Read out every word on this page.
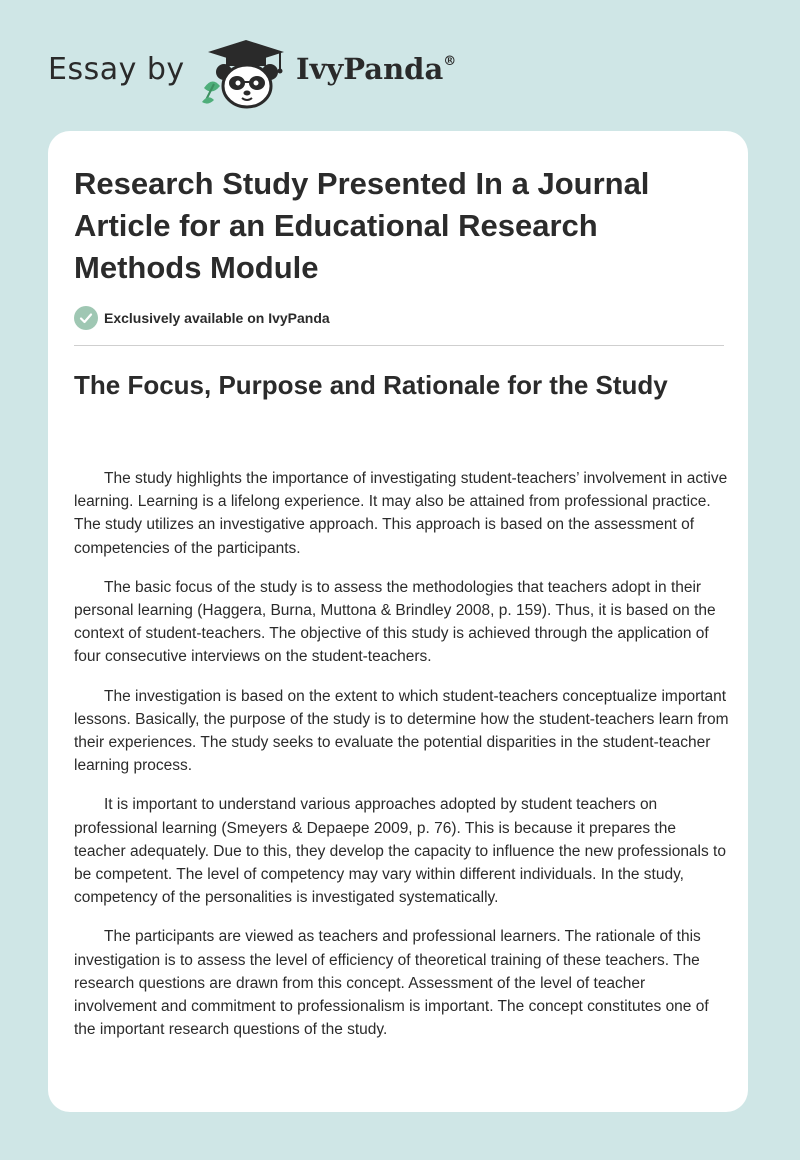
Essay by	IvyPanda®
Research Study Presented In a Journal Article for an Educational Research Methods Module
Exclusively available on IvyPanda
The Focus, Purpose and Rationale for the Study

The study highlights the importance of investigating student-teachers’ involvement in active learning. Learning is a lifelong experience. It may also be attained from professional practice. The study utilizes an investigative approach. This approach is based on the assessment of competencies of the participants.

The basic focus of the study is to assess the methodologies that teachers adopt in their personal learning (Haggera, Burna, Muttona & Brindley 2008, p. 159). Thus, it is based on the context of student-teachers. The objective of this study is achieved through the application of four consecutive interviews on the student-teachers.

The investigation is based on the extent to which student-teachers conceptualize important lessons. Basically, the purpose of the study is to determine how the student-teachers learn from their experiences. The study seeks to evaluate the potential disparities in the student-teacher learning process.

It is important to understand various approaches adopted by student teachers on professional learning (Smeyers & Depaepe 2009, p. 76). This is because it prepares the teacher adequately. Due to this, they develop the capacity to influence the new professionals to be competent. The level of competency may vary within different individuals. In the study, competency of the personalities is investigated systematically.

The participants are viewed as teachers and professional learners. The rationale of this investigation is to assess the level of efficiency of theoretical training of these teachers. The research questions are drawn from this concept. Assessment of the level of teacher involvement and commitment to professionalism is important. The concept constitutes one of the important research questions of the study.
